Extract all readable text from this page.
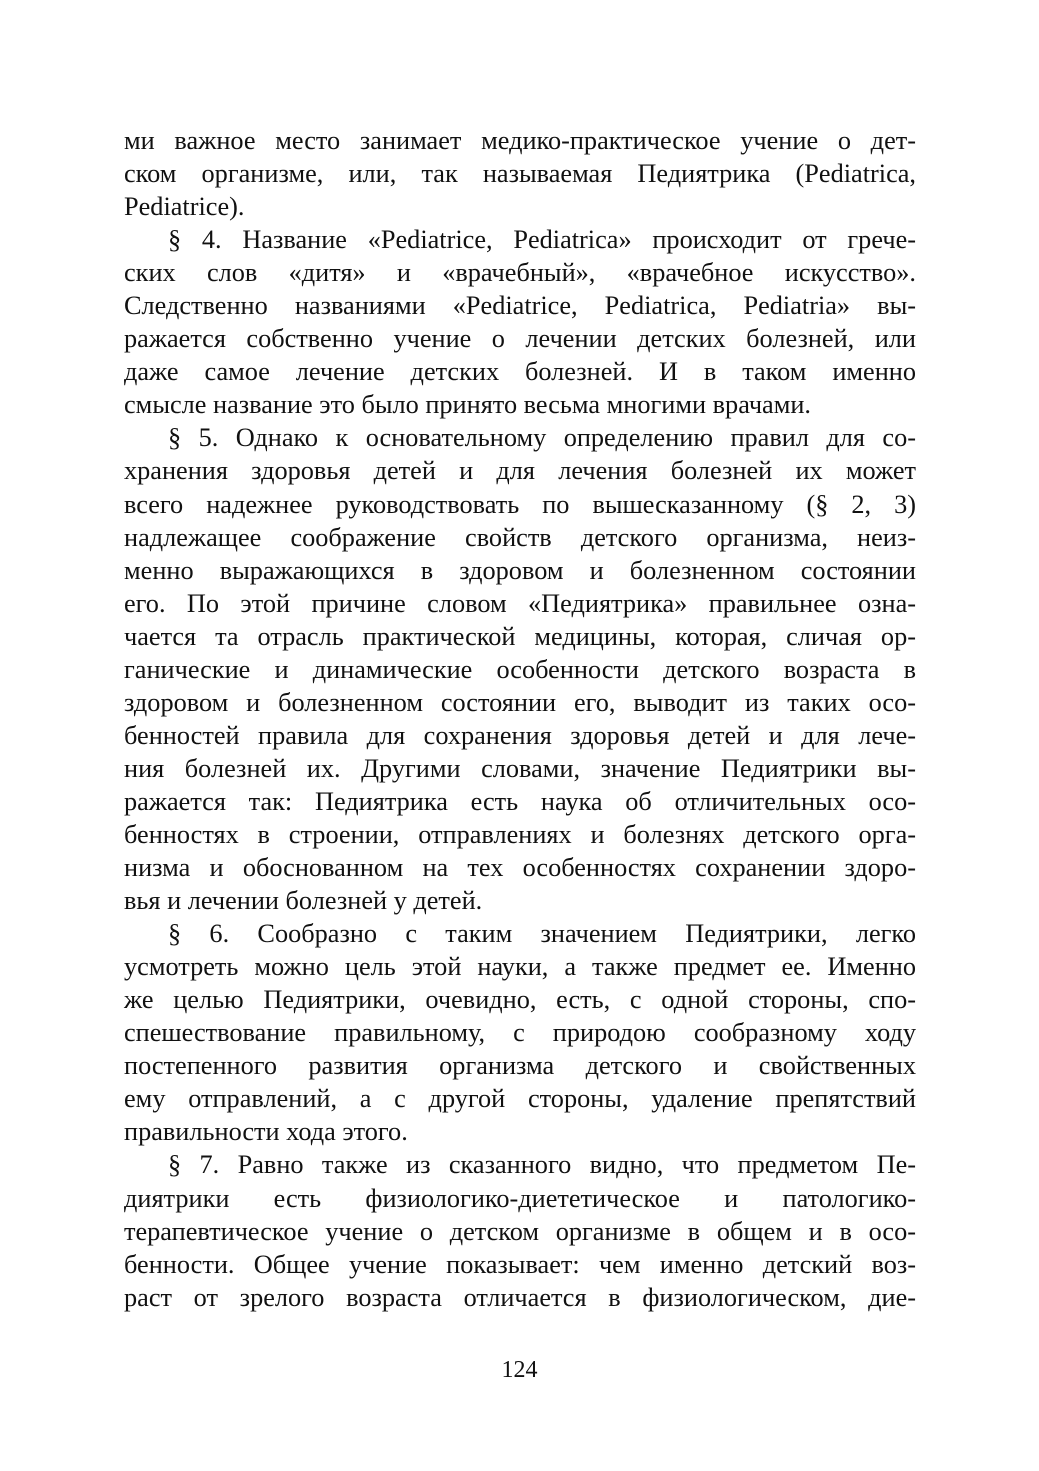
ми важное место занимает медико-практическое учение о дет-
ском организме, или, так называемая Педиятрика (Pediatrica,
Pediatrice).
§ 4. Название «Pediatrice, Pediatrica» происходит от грече-
ских слов «дитя» и «врачебный», «врачебное искусство».
Следственно названиями «Pediatrice, Pediatrica, Pediatria» вы-
ражается собственно учение о лечении детских болезней, или
даже самое лечение детских болезней. И в таком именно
смысле название это было принято весьма многими врачами.
§ 5. Однако к основательному определению правил для со-
хранения здоровья детей и для лечения болезней их может
всего надежнее руководствовать по вышесказанному (§ 2, 3)
надлежащее соображение свойств детского организма, неиз-
менно выражающихся в здоровом и болезненном состоянии
его. По этой причине словом «Педиятрика» правильнее озна-
чается та отрасль практической медицины, которая, сличая ор-
ганические и динамические особенности детского возраста в
здоровом и болезненном состоянии его, выводит из таких осо-
бенностей правила для сохранения здоровья детей и для лече-
ния болезней их. Другими словами, значение Педиятрики вы-
ражается так: Педиятрика есть наука об отличительных осо-
бенностях в строении, отправлениях и болезнях детского орга-
низма и обоснованном на тех особенностях сохранении здоро-
вья и лечении болезней у детей.
§ 6. Сообразно с таким значением Педиятрики, легко
усмотреть можно цель этой науки, а также предмет ее. Именно
же целью Педиятрики, очевидно, есть, с одной стороны, спо-
спешествование правильному, с природою сообразному ходу
постепенного развития организма детского и свойственных
ему отправлений, а с другой стороны, удаление препятствий
правильности хода этого.
§ 7. Равно также из сказанного видно, что предметом Пе-
диятрики есть физиологико-диететическое и патологико-
терапевтическое учение о детском организме в общем и в осо-
бенности. Общее учение показывает: чем именно детский воз-
раст от зрелого возраста отличается в физиологическом, дие-
124
